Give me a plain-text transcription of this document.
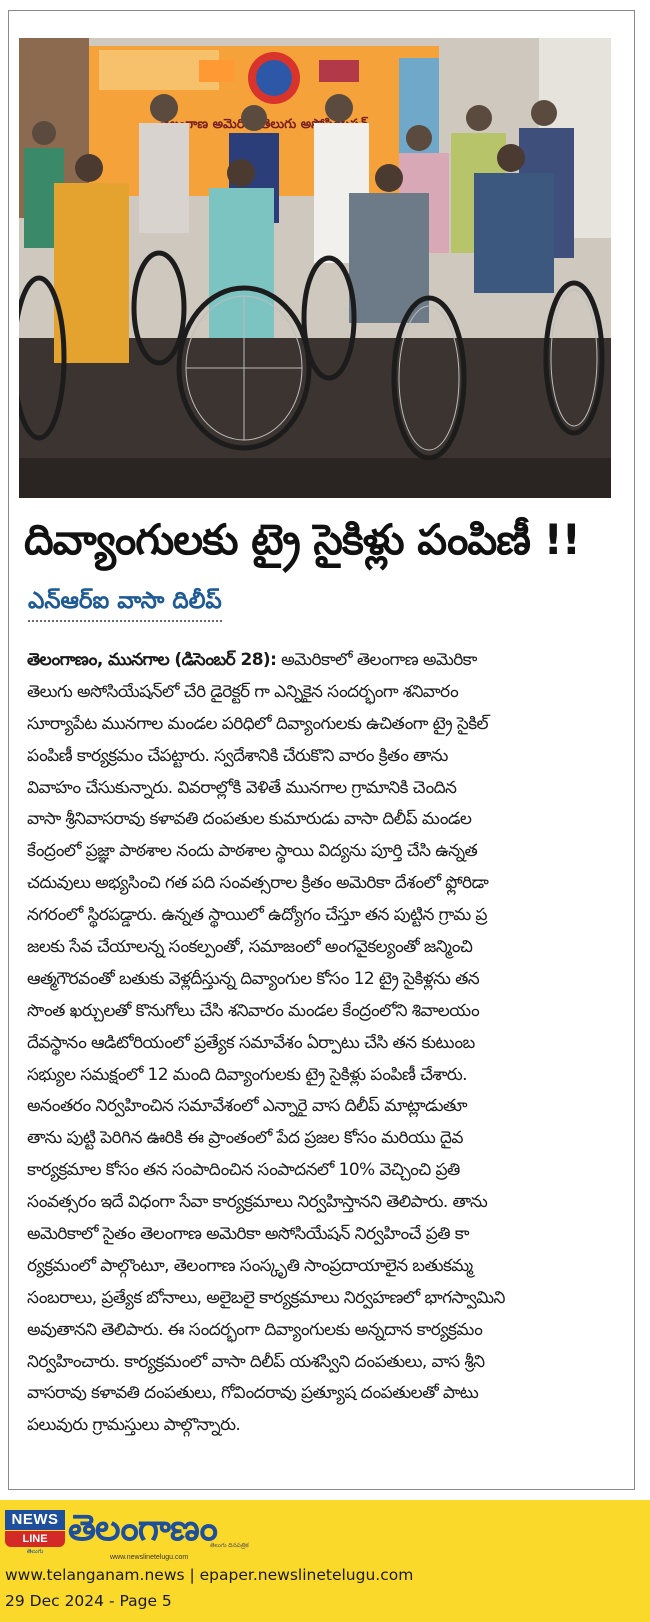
అమెరికా తెలుగు
దివ్యాంగులకు ట్రై సైకిళ్లు పంపిణీ !!
ఎన్ఆర్ఐ వాసా దిలీప్
తెలంగాణం, మునగాల (డిసెంబర్ 28): అమెరికాలో తెలంగాణ అమెరికా
తెలుగు అసోసియేషన్‌లో చేరి డైరెక్టర్ గా ఎన్నికైన సందర్భంగా శనివారం
సూర్యాపేట మునగాల మండల పరిధిలో దివ్యాంగులకు ఉచితంగా ట్రై సైకిల్
పంపిణీ కార్యక్రమం చేపట్టారు. స్వదేశానికి చేరుకొని వారం క్రితం తాను
వివాహం చేసుకున్నారు. వివరాల్లోకి వెళితే మునగాల గ్రామానికి చెందిన
వాసా శ్రీనివాసరావు కళావతి దంపతుల కుమారుడు వాసా దిలీప్ మండల
కేంద్రంలో ప్రజ్ఞా పాఠశాల నందు పాఠశాల స్థాయి విద్యను పూర్తి చేసి ఉన్నత
చదువులు అభ్యసించి గత పది సంవత్సరాల క్రితం అమెరికా దేశంలో ఫ్లోరిడా
నగరంలో స్థిరపడ్డారు. ఉన్నత స్థాయిలో ఉద్యోగం చేస్తూ తన పుట్టిన గ్రామ ప్ర
జలకు సేవ చేయాలన్న సంకల్పంతో, సమాజంలో అంగవైకల్యంతో జన్మించి
ఆత్మగౌరవంతో బతుకు వెళ్లదీస్తున్న దివ్యాంగుల కోసం 12 ట్రై సైకిళ్లను తన
సొంత ఖర్చులతో కొనుగోలు చేసి శనివారం మండల కేంద్రంలోని శివాలయం
దేవస్థానం ఆడిటోరియంలో ప్రత్యేక సమావేశం ఏర్పాటు చేసి తన కుటుంబ
సభ్యుల సమక్షంలో 12 మంది దివ్యాంగులకు ట్రై సైకిళ్లు పంపిణీ చేశారు.
అనంతరం నిర్వహించిన సమావేశంలో ఎన్నారై వాస దిలీప్ మాట్లాడుతూ
తాను పుట్టి పెరిగిన ఊరికి ఈ ప్రాంతంలో పేద ప్రజల కోసం మరియు దైవ
కార్యక్రమాల కోసం తన సంపాదించిన సంపాదనలో 10% వెచ్చించి ప్రతి
సంవత్సరం ఇదే విధంగా సేవా కార్యక్రమాలు నిర్వహిస్తానని తెలిపారు. తాను
అమెరికాలో సైతం తెలంగాణ అమెరికా అసోసియేషన్ నిర్వహించే ప్రతి కా
ర్యక్రమంలో పాల్గొంటూ, తెలంగాణ సంస్కృతి సాంప్రదాయాలైన బతుకమ్మ
సంబరాలు, ప్రత్యేక బోనాలు, అలైబలై కార్యక్రమాలు నిర్వహణలో భాగస్వామిని
అవుతానని తెలిపారు. ఈ సందర్భంగా దివ్యాంగులకు అన్నదాన కార్యక్రమం
నిర్వహించారు. కార్యక్రమంలో వాసా దిలీప్ యశస్విని దంపతులు, వాస శ్రీని
వాసరావు కళావతి దంపతులు, గోవిందరావు ప్రత్యూష దంపతులతో పాటు
పలువురు గ్రామస్తులు పాల్గొన్నారు.
NEWS
LINE
తెలుగు
తెలంగాణం
తెలుగు దినపత్రిక
www.newslinetelugu.com
www.telanganam.news | epaper.newslinetelugu.com
29 Dec 2024 - Page 5
